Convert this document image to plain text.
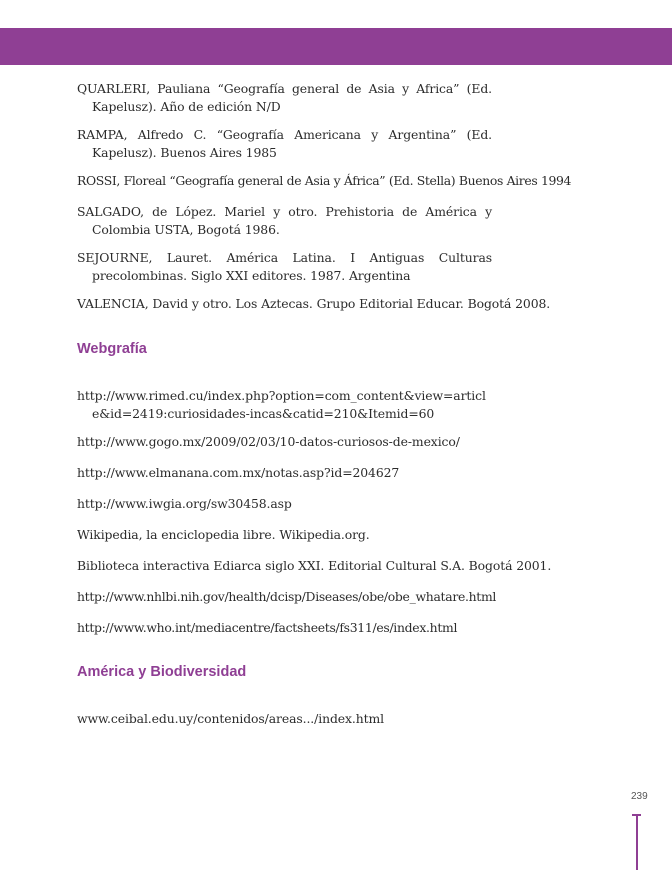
QUARLERI, Pauliana “Geografía general de Asia y Africa” (Ed. Kapelusz). Año de edición N/D
RAMPA, Alfredo C. “Geografía Americana y Argentina” (Ed. Kapelusz). Buenos Aires 1985
ROSSI, Floreal “Geografía general de Asia y África” (Ed. Stella) Buenos Aires 1994
SALGADO, de López. Mariel y otro. Prehistoria de América y Colombia USTA, Bogotá 1986.
SEJOURNE, Lauret. América Latina. I Antiguas Culturas precolombinas. Siglo XXI editores. 1987. Argentina
VALENCIA, David y otro. Los Aztecas. Grupo Editorial Educar. Bogotá 2008.
Webgrafía
http://www.rimed.cu/index.php?option=com_content&view=article&id=2419:curiosidades-incas&catid=210&Itemid=60
http://www.gogo.mx/2009/02/03/10-datos-curiosos-de-mexico/
http://www.elmanana.com.mx/notas.asp?id=204627
http://www.iwgia.org/sw30458.asp
Wikipedia, la enciclopedia libre. Wikipedia.org.
Biblioteca interactiva Ediarca siglo XXI. Editorial Cultural S.A. Bogotá 2001.
http://www.nhlbi.nih.gov/health/dcisp/Diseases/obe/obe_whatare.html
http://www.who.int/mediacentre/factsheets/fs311/es/index.html
América y Biodiversidad
www.ceibal.edu.uy/contenidos/areas.../index.html
239
